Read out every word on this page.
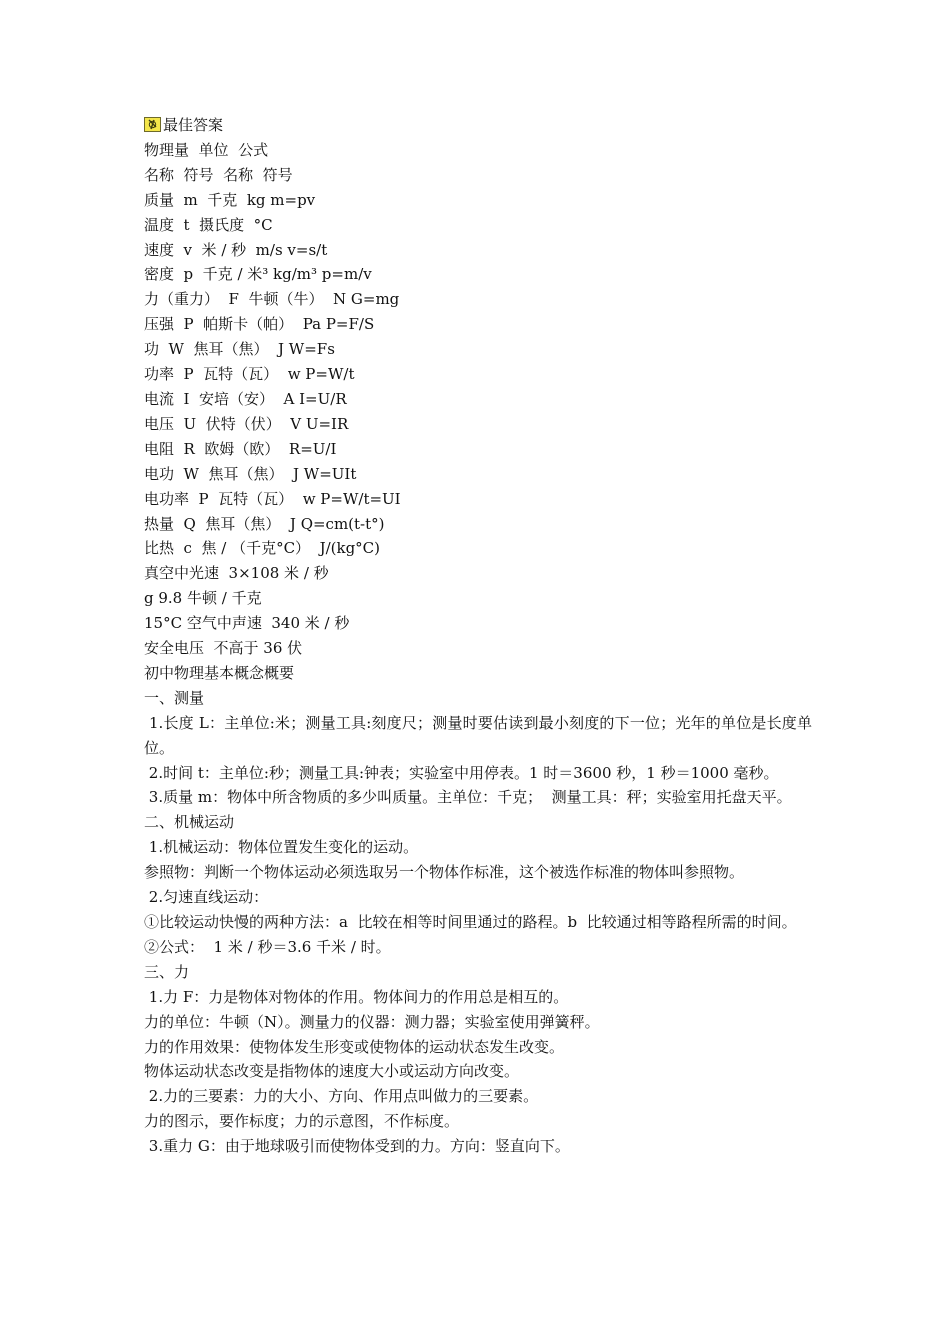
最佳答案
物理量  单位  公式
名称  符号  名称  符号
质量  m  千克  kg m=pv
温度  t  摄氏度  °C
速度  v  米 / 秒  m/s v=s/t
密度  p  千克 / 米³ kg/m³ p=m/v
力（重力）  F  牛顿（牛）  N G=mg
压强  P  帕斯卡（帕）  Pa P=F/S
功  W  焦耳（焦）  J W=Fs
功率  P  瓦特（瓦）  w P=W/t
电流  I  安培（安）  A I=U/R
电压  U  伏特（伏）  V U=IR
电阻  R  欧姆（欧）  R=U/I
电功  W  焦耳（焦）  J W=UIt
电功率  P  瓦特（瓦）  w P=W/t=UI
热量  Q  焦耳（焦）  J Q=cm(t-t°)
比热  c  焦 / （千克°C）  J/(kg°C)
真空中光速  3×108 米 / 秒
g 9.8 牛顿 / 千克
15°C 空气中声速  340 米 / 秒
安全电压  不高于 36 伏
初中物理基本概念概要
一、测量
1.长度 L：主单位:米；测量工具:刻度尺；测量时要估读到最小刻度的下一位；光年的单位是长度单位。
2.时间 t：主单位:秒；测量工具:钟表；实验室中用停表。1 时＝3600 秒，1 秒＝1000 毫秒。
3.质量 m：物体中所含物质的多少叫质量。主单位：千克；  测量工具：秤；实验室用托盘天平。
二、机械运动
1.机械运动：物体位置发生变化的运动。
参照物：判断一个物体运动必须选取另一个物体作标准，这个被选作标准的物体叫参照物。
2.匀速直线运动：
①比较运动快慢的两种方法：a  比较在相等时间里通过的路程。b  比较通过相等路程所需的时间。
②公式：  1 米 / 秒＝3.6 千米 / 时。
三、力
1.力 F：力是物体对物体的作用。物体间力的作用总是相互的。
力的单位：牛顿（N）。测量力的仪器：测力器；实验室使用弹簧秤。
力的作用效果：使物体发生形变或使物体的运动状态发生改变。
物体运动状态改变是指物体的速度大小或运动方向改变。
2.力的三要素：力的大小、方向、作用点叫做力的三要素。
力的图示，要作标度；力的示意图，不作标度。
3.重力 G：由于地球吸引而使物体受到的力。方向：竖直向下。
